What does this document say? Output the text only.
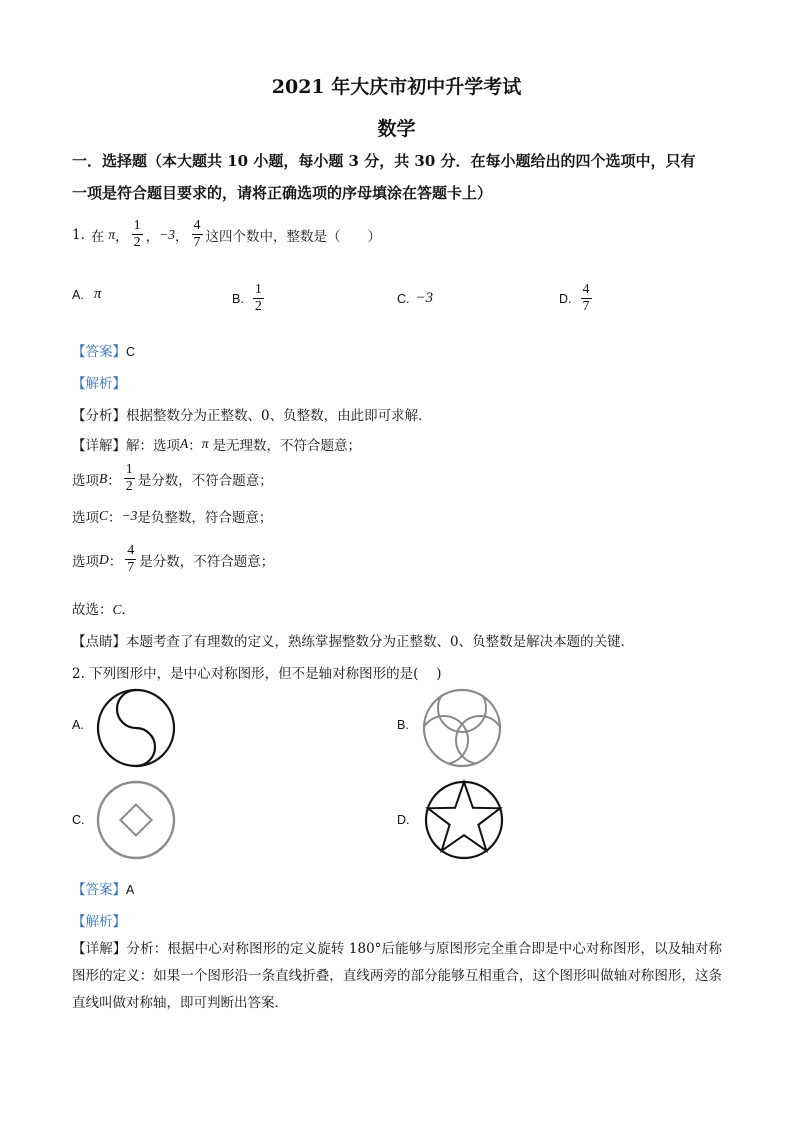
2021 年大庆市初中升学考试
数学
一．选择题（本大题共 10 小题，每小题 3 分，共 30 分．在每小题给出的四个选项中，只有
一项是符合题目要求的，请将正确选项的序母填涂在答题卡上）
1. 在 π ， $\frac{1}{2}$ ， −3 ， $\frac{4}{7}$ 这四个数中，整数是（　　）
A. π	B. $\frac{1}{2}$	C. −3	D. $\frac{4}{7}$
【答案】C
【解析】
【分析】根据整数分为正整数、0、负整数，由此即可求解．
【详解】 解：选项 A ： π 是无理数，不符合题意；
选项 B ： $\frac{1}{2}$ 是分数，不符合题意；
选项 C ： −3 是负整数，符合题意；
选项 D ： $\frac{4}{7}$ 是分数，不符合题意；
故选：C．
【点睛】本题考查了有理数的定义，熟练掌握整数分为正整数、0、负整数是解决本题的关键．
2. 下列图形中，是中心对称图形，但不是轴对称图形的是(　 )
A.	B.
C.	D.
【答案】A
【解析】
【详解】分析：根据中心对称图形的定义旋转 180°后能够与原图形完全重合即是中心对称图形，以及轴对称图形的定义：如果一个图形沿一条直线折叠，直线两旁的部分能够互相重合，这个图形叫做轴对称图形，这条直线叫做对称轴，即可判断出答案．
